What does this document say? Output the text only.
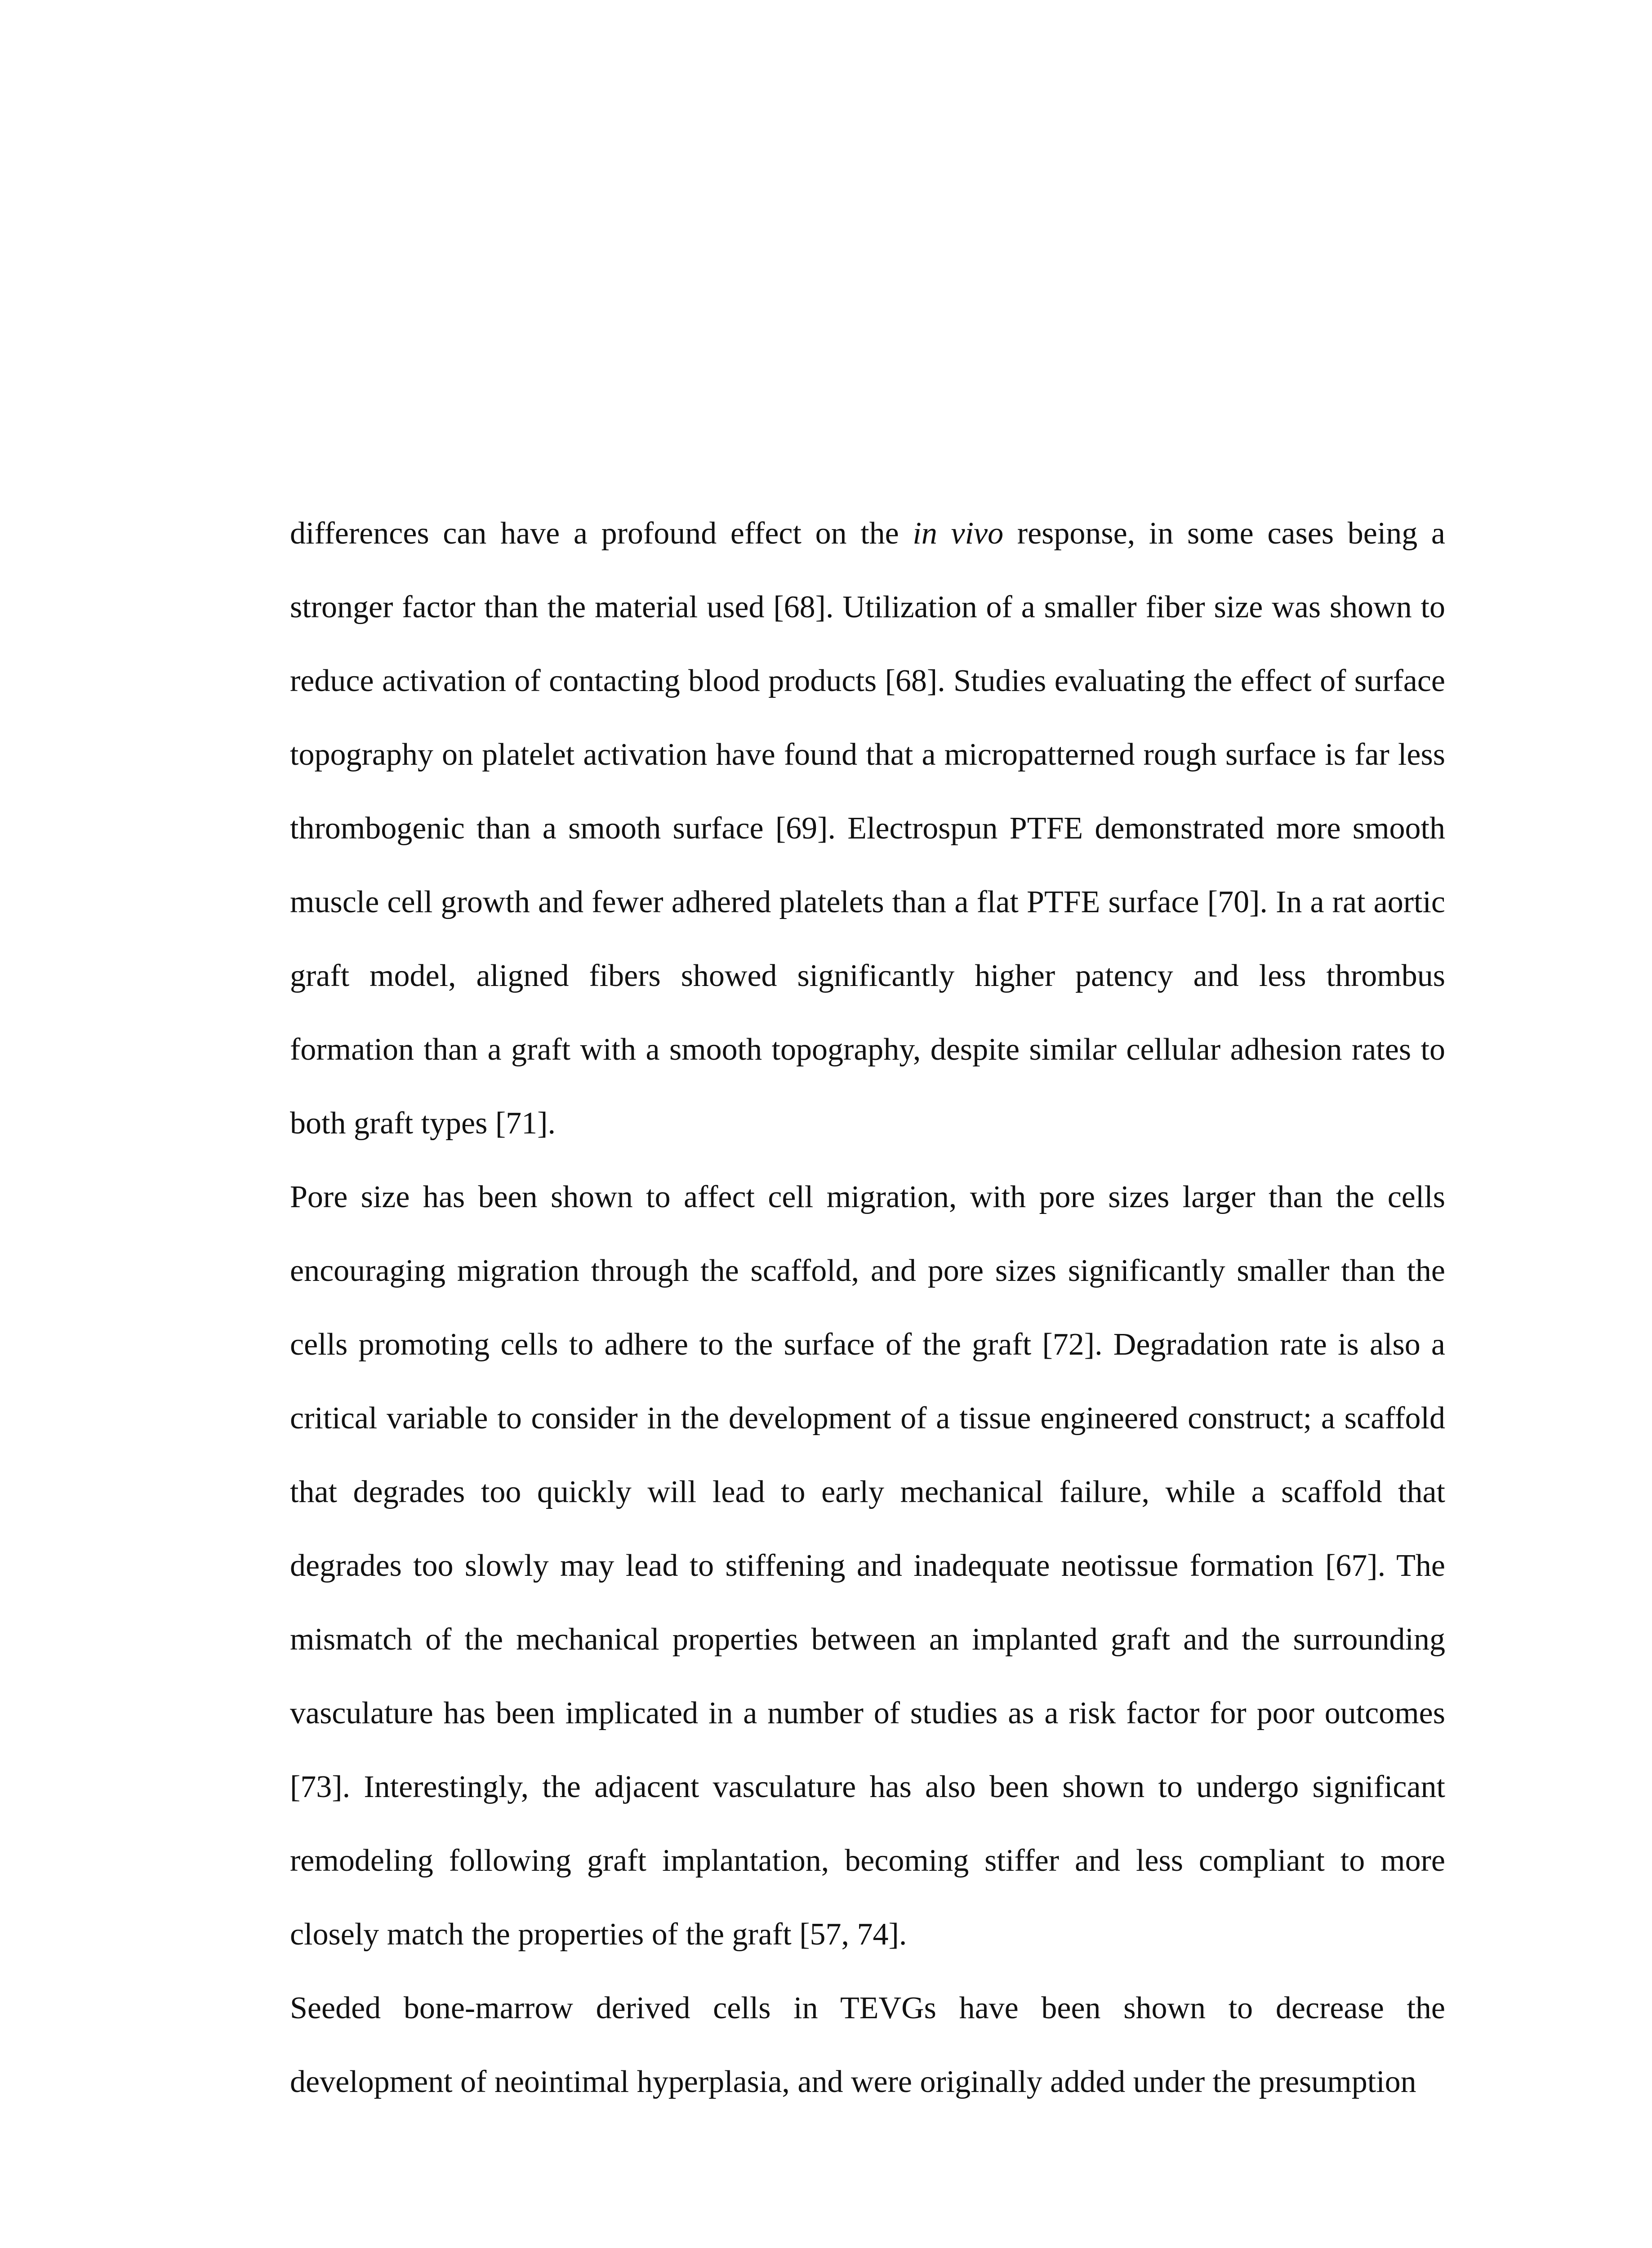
differences can have a profound effect on the in vivo response, in some cases being a stronger factor than the material used [68]. Utilization of a smaller fiber size was shown to reduce activation of contacting blood products [68]. Studies evaluating the effect of surface topography on platelet activation have found that a micropatterned rough surface is far less thrombogenic than a smooth surface [69]. Electrospun PTFE demonstrated more smooth muscle cell growth and fewer adhered platelets than a flat PTFE surface [70]. In a rat aortic graft model, aligned fibers showed significantly higher patency and less thrombus formation than a graft with a smooth topography, despite similar cellular adhesion rates to both graft types [71].

Pore size has been shown to affect cell migration, with pore sizes larger than the cells encouraging migration through the scaffold, and pore sizes significantly smaller than the cells promoting cells to adhere to the surface of the graft [72]. Degradation rate is also a critical variable to consider in the development of a tissue engineered construct; a scaffold that degrades too quickly will lead to early mechanical failure, while a scaffold that degrades too slowly may lead to stiffening and inadequate neotissue formation [67]. The mismatch of the mechanical properties between an implanted graft and the surrounding vasculature has been implicated in a number of studies as a risk factor for poor outcomes [73]. Interestingly, the adjacent vasculature has also been shown to undergo significant remodeling following graft implantation, becoming stiffer and less compliant to more closely match the properties of the graft [57, 74].

Seeded bone-marrow derived cells in TEVGs have been shown to decrease the development of neointimal hyperplasia, and were originally added under the presumption
